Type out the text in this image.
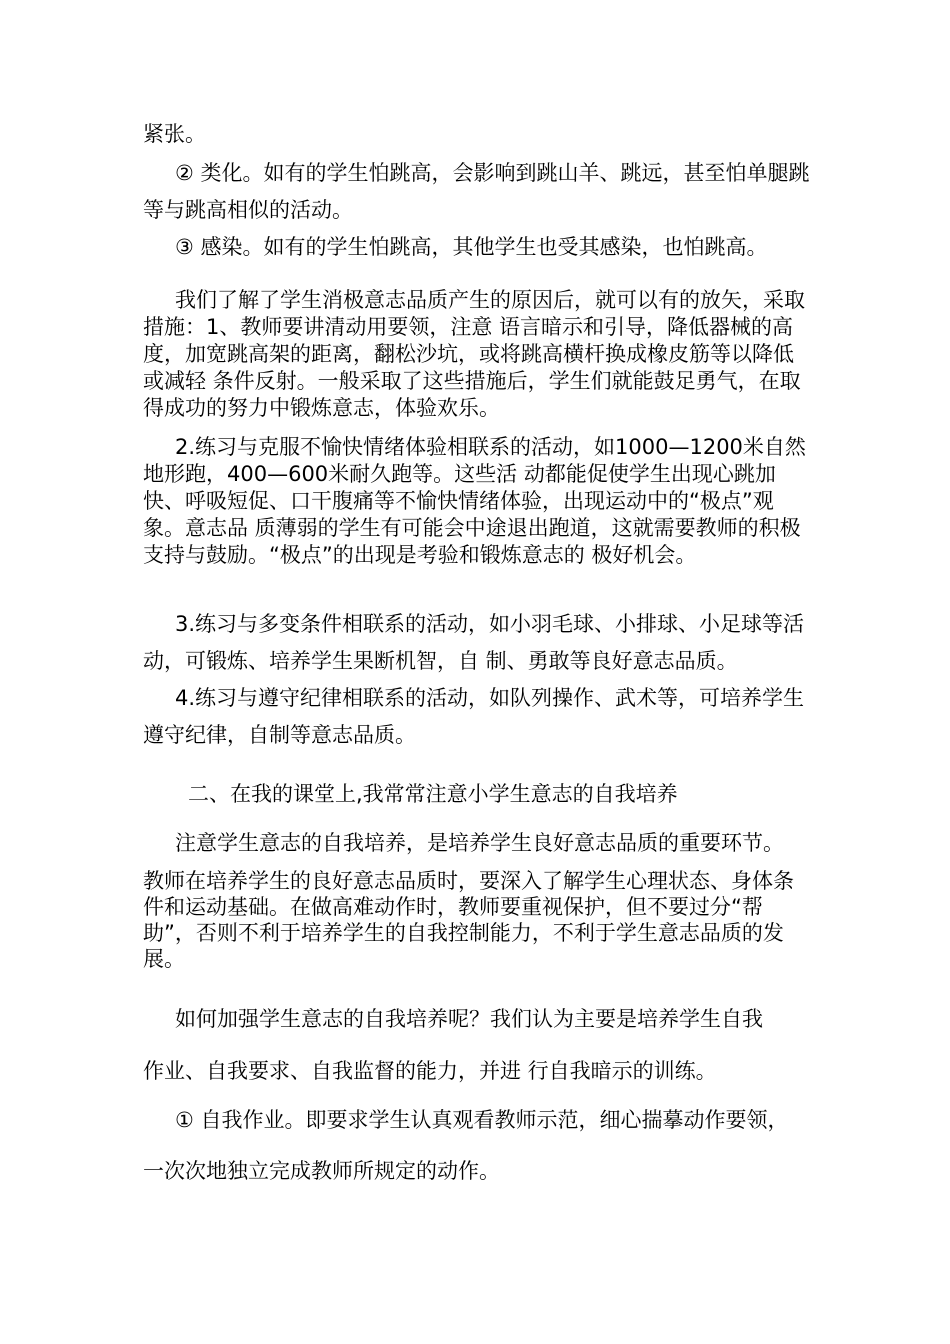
紧张。

② 类化。如有的学生怕跳高，会影响到跳山羊、跳远，甚至怕单腿跳等与跳高相似的活动。

③ 感染。如有的学生怕跳高，其他学生也受其感染，也怕跳高。

我们了解了学生消极意志品质产生的原因后，就可以有的放矢，采取措施：1、教师要讲清动用要领，注意 语言暗示和引导，降低器械的高度，加宽跳高架的距离，翻松沙坑，或将跳高横杆换成橡皮筋等以降低或减轻 条件反射。一般采取了这些措施后，学生们就能鼓足勇气，在取得成功的努力中锻炼意志，体验欢乐。

2.练习与克服不愉快情绪体验相联系的活动，如1000—1200米自然地形跑，400—600米耐久跑等。这些活 动都能促使学生出现心跳加快、呼吸短促、口干腹痛等不愉快情绪体验，出现运动中的“极点”观象。意志品 质薄弱的学生有可能会中途退出跑道，这就需要教师的积极支持与鼓励。“极点”的出现是考验和锻炼意志的 极好机会。

3.练习与多变条件相联系的活动，如小羽毛球、小排球、小足球等活动，可锻炼、培养学生果断机智，自 制、勇敢等良好意志品质。

4.练习与遵守纪律相联系的活动，如队列操作、武术等，可培养学生遵守纪律，自制等意志品质。

二、在我的课堂上,我常常注意小学生意志的自我培养

注意学生意志的自我培养，是培养学生良好意志品质的重要环节。

教师在培养学生的良好意志品质时，要深入了解学生心理状态、身体条件和运动基础。在做高难动作时，教师要重视保护，但不要过分“帮助”，否则不利于培养学生的自我控制能力，不利于学生意志品质的发展。

如何加强学生意志的自我培养呢？我们认为主要是培养学生自我

作业、自我要求、自我监督的能力，并进 行自我暗示的训练。

① 自我作业。即要求学生认真观看教师示范，细心揣摹动作要领，

一次次地独立完成教师所规定的动作。
